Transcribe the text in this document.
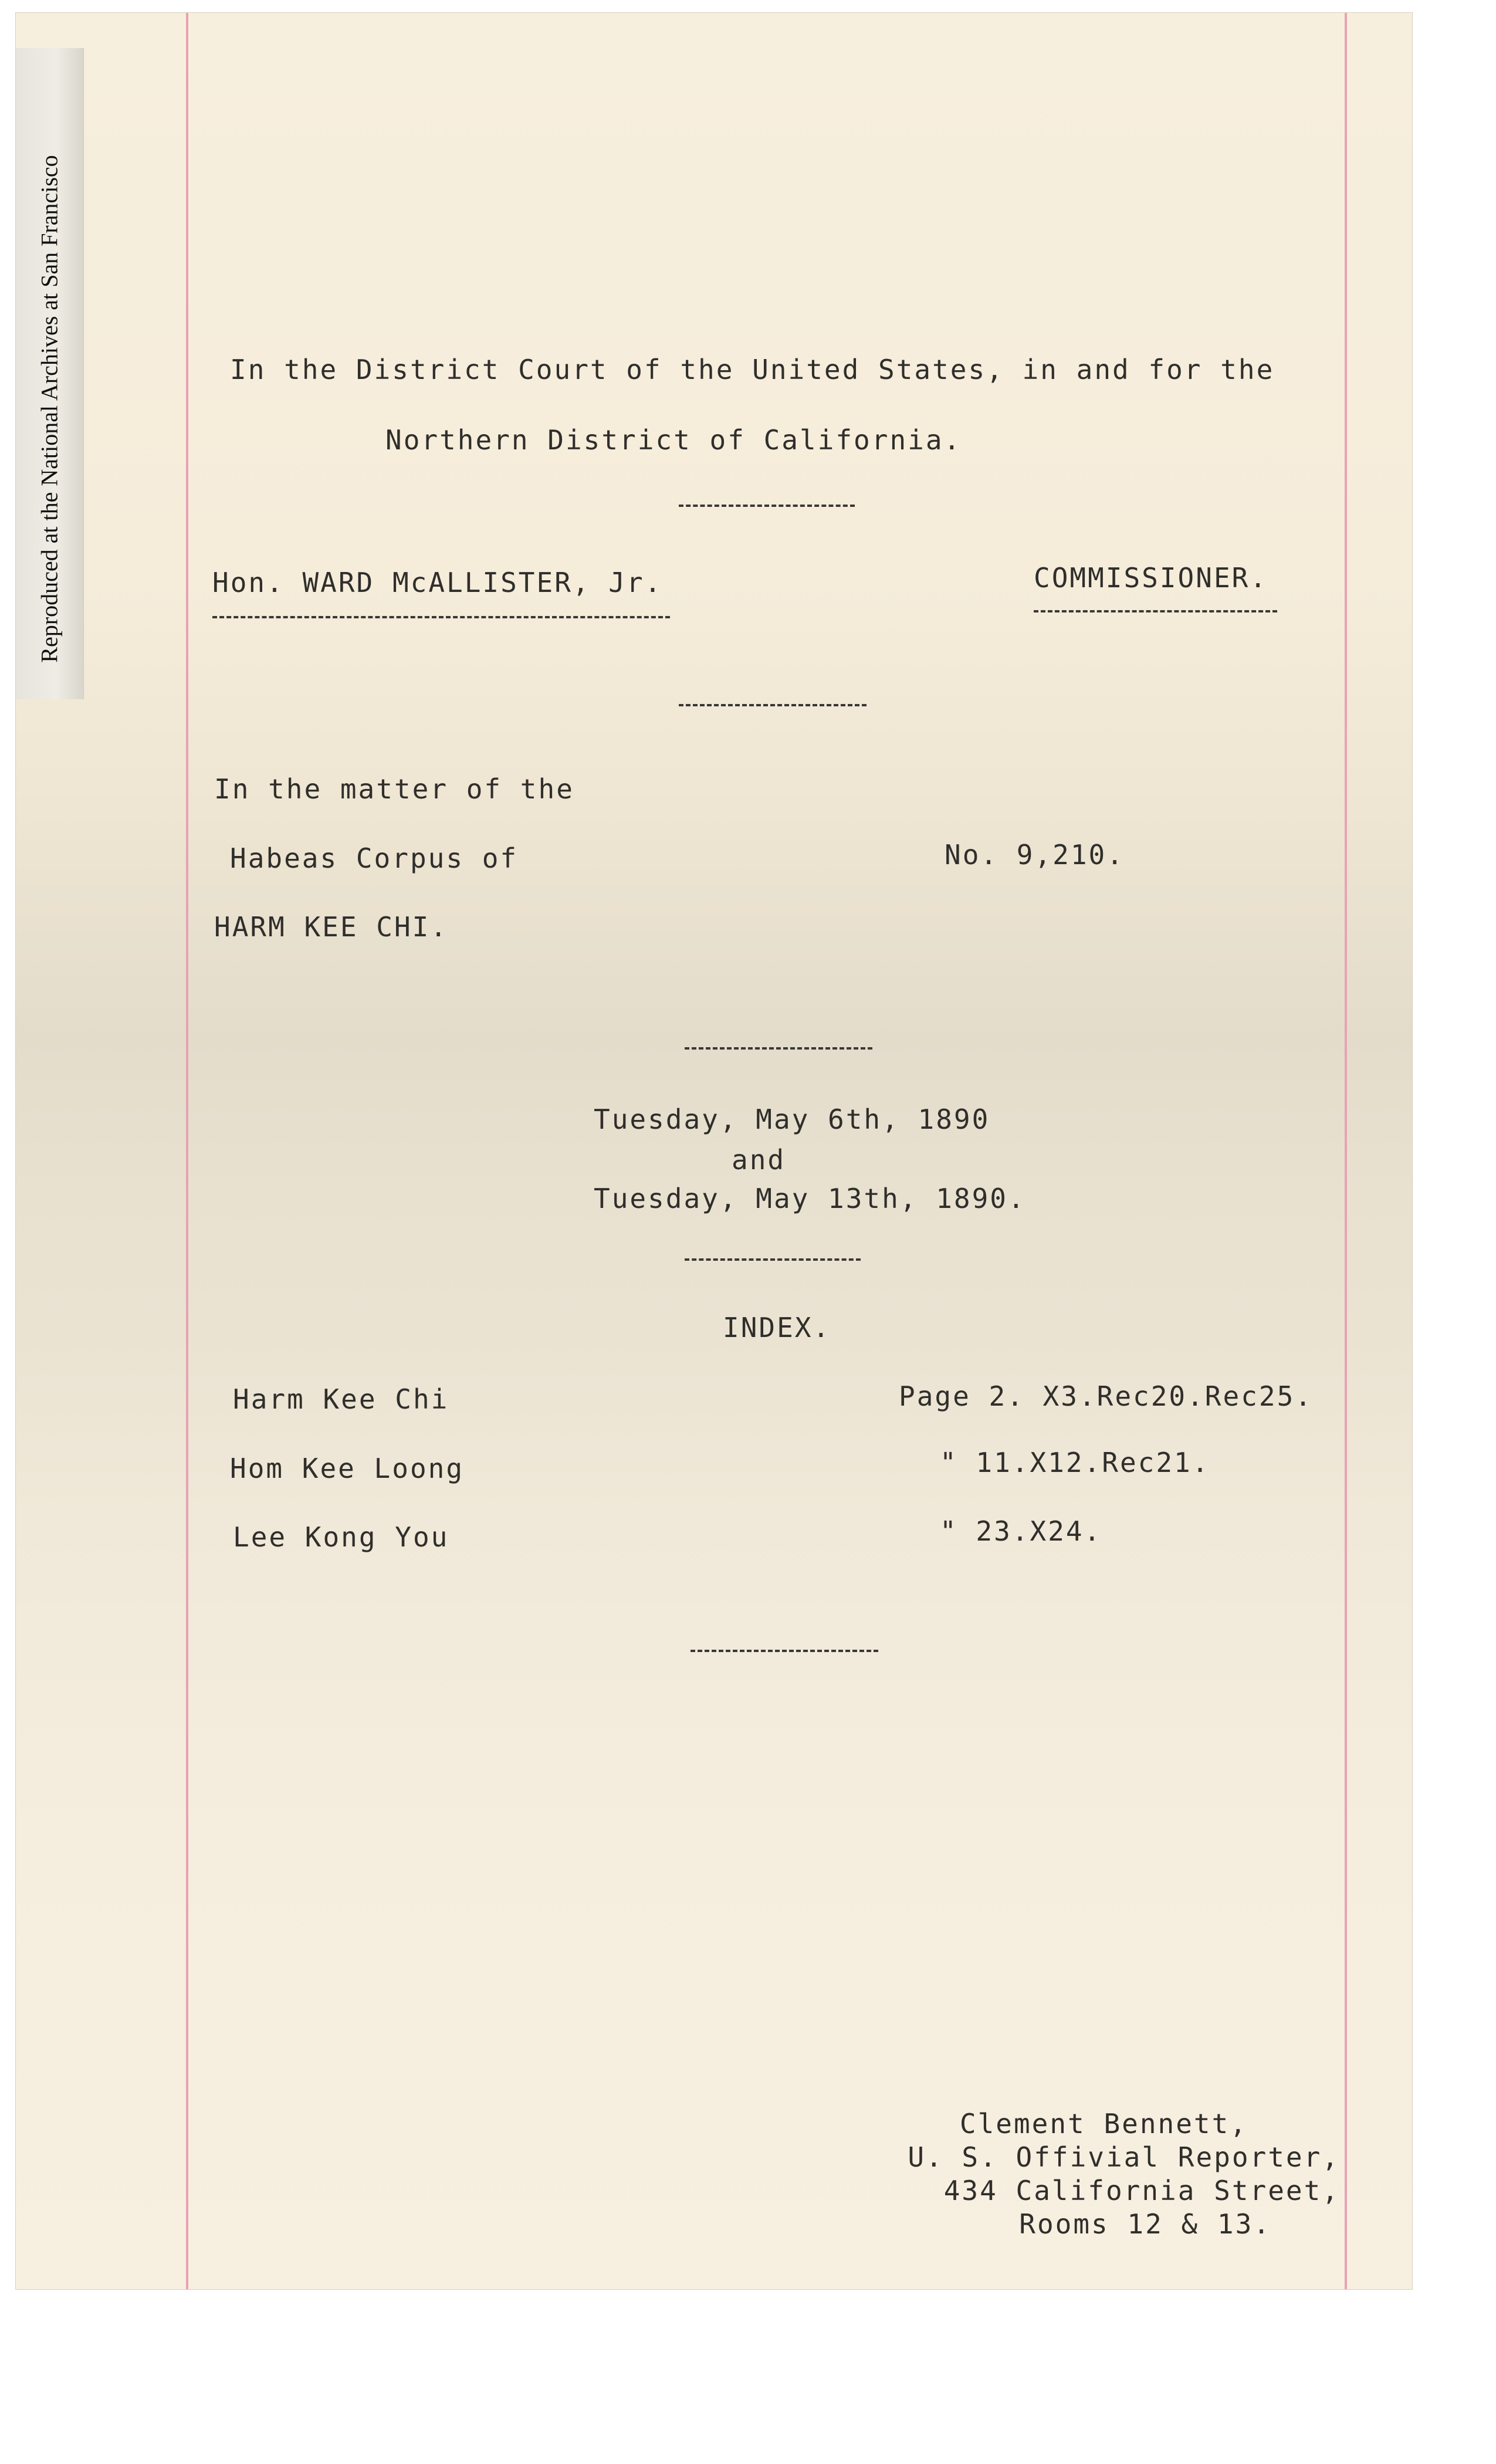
Reproduced at the National Archives at San Francisco	In the District Court of the United States, in and for the
Northern District of California.
Hon. WARD McALLISTER, Jr.	COMMISSIONER.
In the matter of the
Habeas Corpus of
HARM KEE CHI.
No. 9,210.
Tuesday, May 6th, 1890
and
Tuesday, May 13th, 1890.
INDEX.
Harm Kee Chi	Page 2. X3.Rec20.Rec25.
Hom Kee Loong	" 11.X12.Rec21.
Lee Kong You	" 23.X24.
Clement Bennett,
U. S. Offivial Reporter,
434 California Street,
Rooms 12 & 13.
